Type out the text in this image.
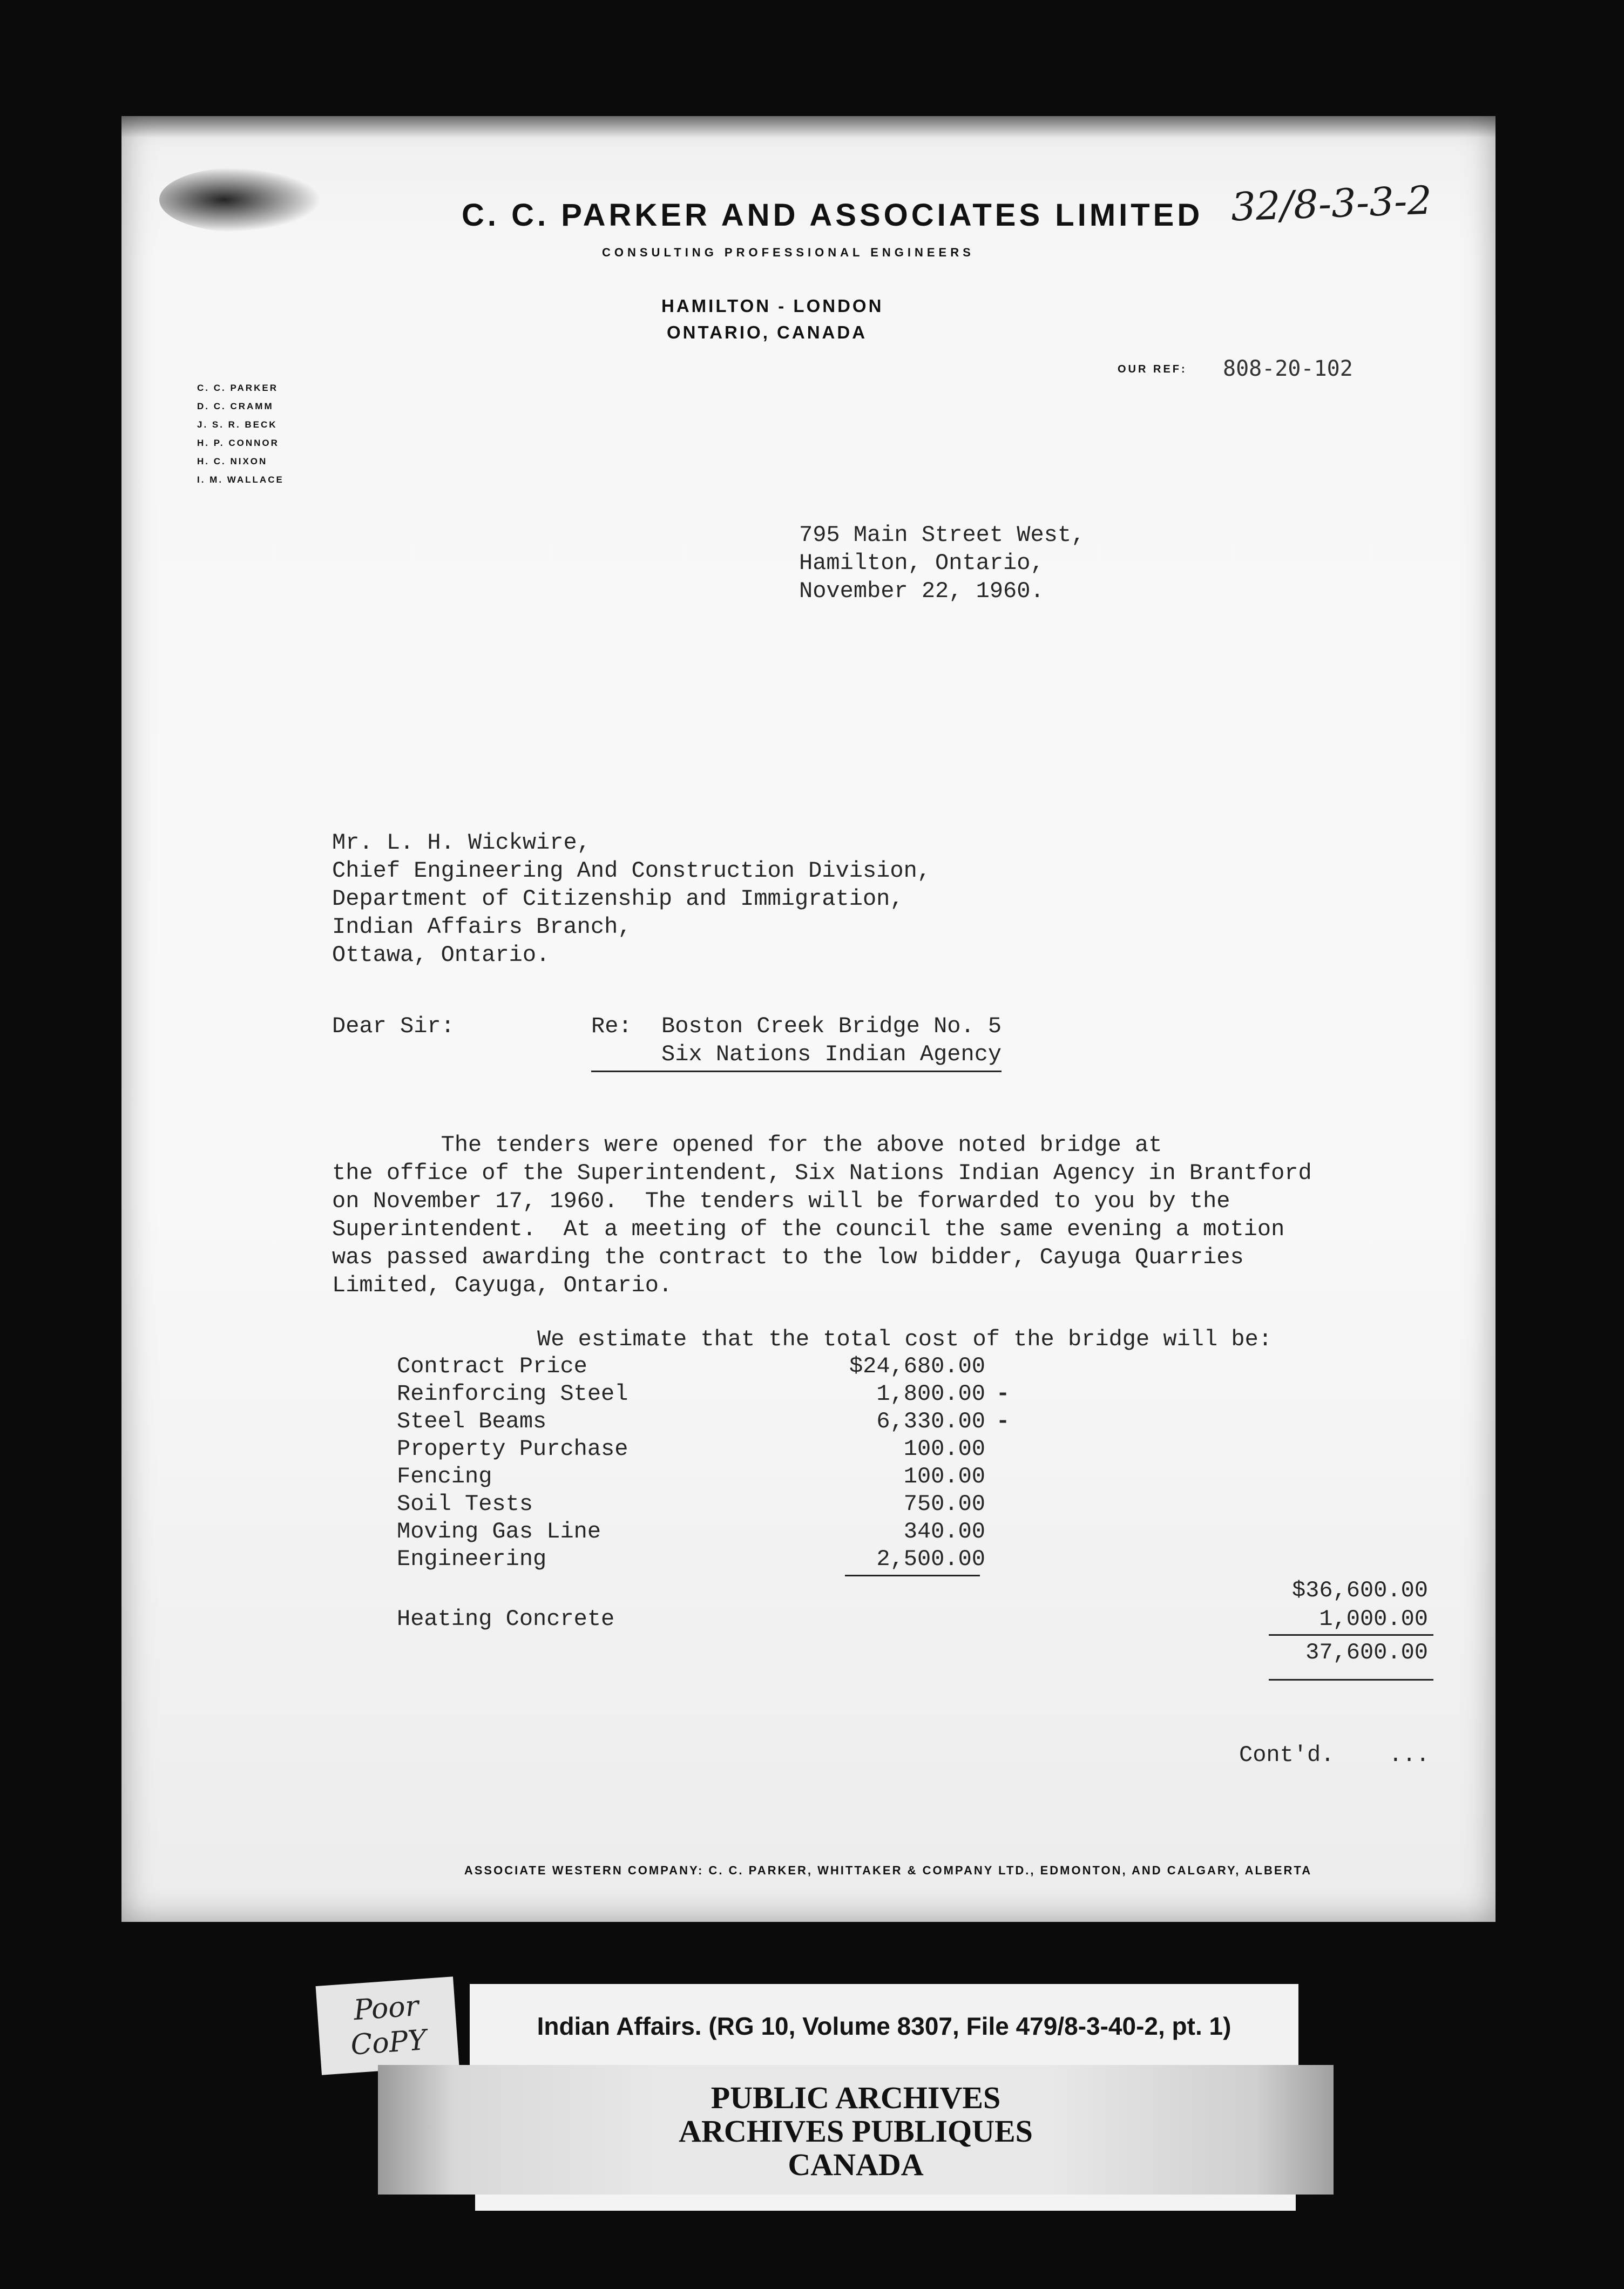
C. C. PARKER AND ASSOCIATES LIMITED
CONSULTING PROFESSIONAL ENGINEERS
HAMILTON - LONDON
ONTARIO, CANADA
32/8-3-3-2
OUR REF: 808-20-102
C. C. PARKER
D. C. CRAMM
J. S. R. BECK
H. P. CONNOR
H. C. NIXON
I. M. WALLACE
795 Main Street West,
Hamilton, Ontario,
November 22, 1960.
Mr. L. H. Wickwire,
Chief Engineering And Construction Division,
Department of Citizenship and Immigration,
Indian Affairs Branch,
Ottawa, Ontario.
Dear Sir:	Re: Boston Creek Bridge No. 5
Six Nations Indian Agency

The tenders were opened for the above noted bridge at

the office of the Superintendent, Six Nations Indian Agency in Brantford

on November 17, 1960.  The tenders will be forwarded to you by the

Superintendent.  At a meeting of the council the same evening a motion

was passed awarding the contract to the low bidder, Cayuga Quarries

Limited, Cayuga, Ontario.

We estimate that the total cost of the bridge will be:
Contract Price	$24,680.00
Reinforcing Steel	1,800.00 -
Steel Beams	6,330.00 -
Property Purchase	100.00
Fencing	100.00
Soil Tests	750.00
Moving Gas Line	340.00
Engineering	2,500.00
$36,600.00
Heating Concrete	1,000.00
37,600.00
Cont'd.    ...
ASSOCIATE WESTERN COMPANY: C. C. PARKER, WHITTAKER & COMPANY LTD., EDMONTON, AND CALGARY, ALBERTA
Poor
CoPY	Indian Affairs. (RG 10, Volume 8307, File 479/8-3-40-2, pt. 1)
PUBLIC ARCHIVES
ARCHIVES PUBLIQUES
CANADA
